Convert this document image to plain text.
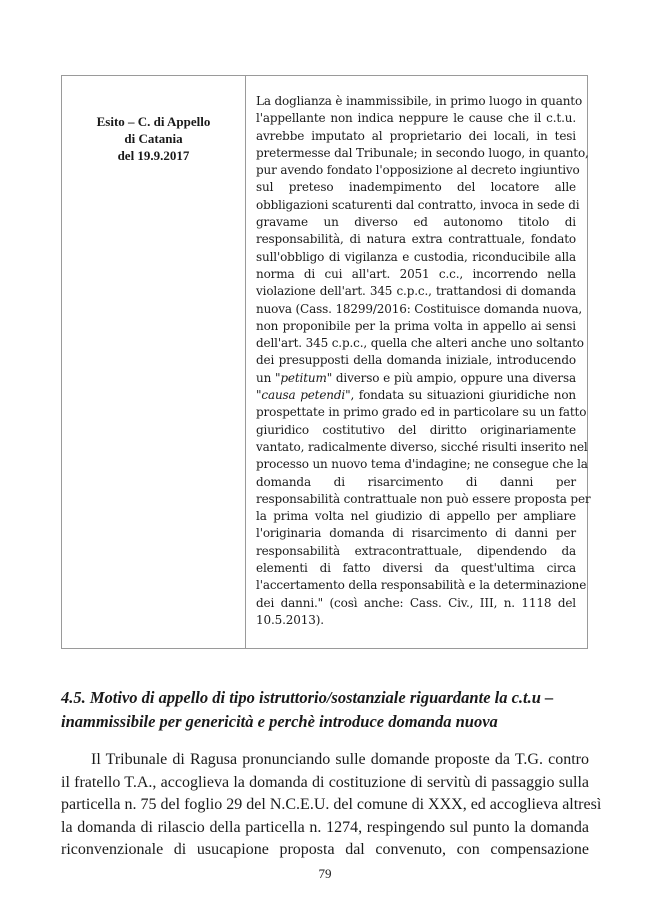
Esito – C. di Appello
di Catania
del 19.9.2017
La doglianza è inammissibile, in primo luogo in quanto
l'appellante non indica neppure le cause che il c.t.u.
avrebbe imputato al proprietario dei locali, in tesi
pretermesse dal Tribunale; in secondo luogo, in quanto,
pur avendo fondato l'opposizione al decreto ingiuntivo
sul preteso inadempimento del locatore alle
obbligazioni scaturenti dal contratto, invoca in sede di
gravame un diverso ed autonomo titolo di
responsabilità, di natura extra contrattuale, fondato
sull'obbligo di vigilanza e custodia, riconducibile alla
norma di cui all'art. 2051 c.c., incorrendo nella
violazione dell'art. 345 c.p.c., trattandosi di domanda
nuova (Cass. 18299/2016: Costituisce domanda nuova,
non proponibile per la prima volta in appello ai sensi
dell'art. 345 c.p.c., quella che alteri anche uno soltanto
dei presupposti della domanda iniziale, introducendo
un "petitum" diverso e più ampio, oppure una diversa
"causa petendi", fondata su situazioni giuridiche non
prospettate in primo grado ed in particolare su un fatto
giuridico costitutivo del diritto originariamente
vantato, radicalmente diverso, sicché risulti inserito nel
processo un nuovo tema d'indagine; ne consegue che la
domanda di risarcimento di danni per
responsabilità contrattuale non può essere proposta per
la prima volta nel giudizio di appello per ampliare
l'originaria domanda di risarcimento di danni per
responsabilità extracontrattuale, dipendendo da
elementi di fatto diversi da quest'ultima circa
l'accertamento della responsabilità e la determinazione
dei danni." (così anche: Cass. Civ., III, n. 1118 del
10.5.2013).
4.5. Motivo di appello di tipo istruttorio/sostanziale riguardante la c.t.u –
inammissibile per genericità e perchè introduce domanda nuova
Il Tribunale di Ragusa pronunciando sulle domande proposte da T.G. contro
il fratello T.A., accoglieva la domanda di costituzione di servitù di passaggio sulla
particella n. 75 del foglio 29 del N.C.E.U. del comune di XXX, ed accoglieva altresì
la domanda di rilascio della particella n. 1274, respingendo sul punto la domanda
riconvenzionale di usucapione proposta dal convenuto, con compensazione
79
